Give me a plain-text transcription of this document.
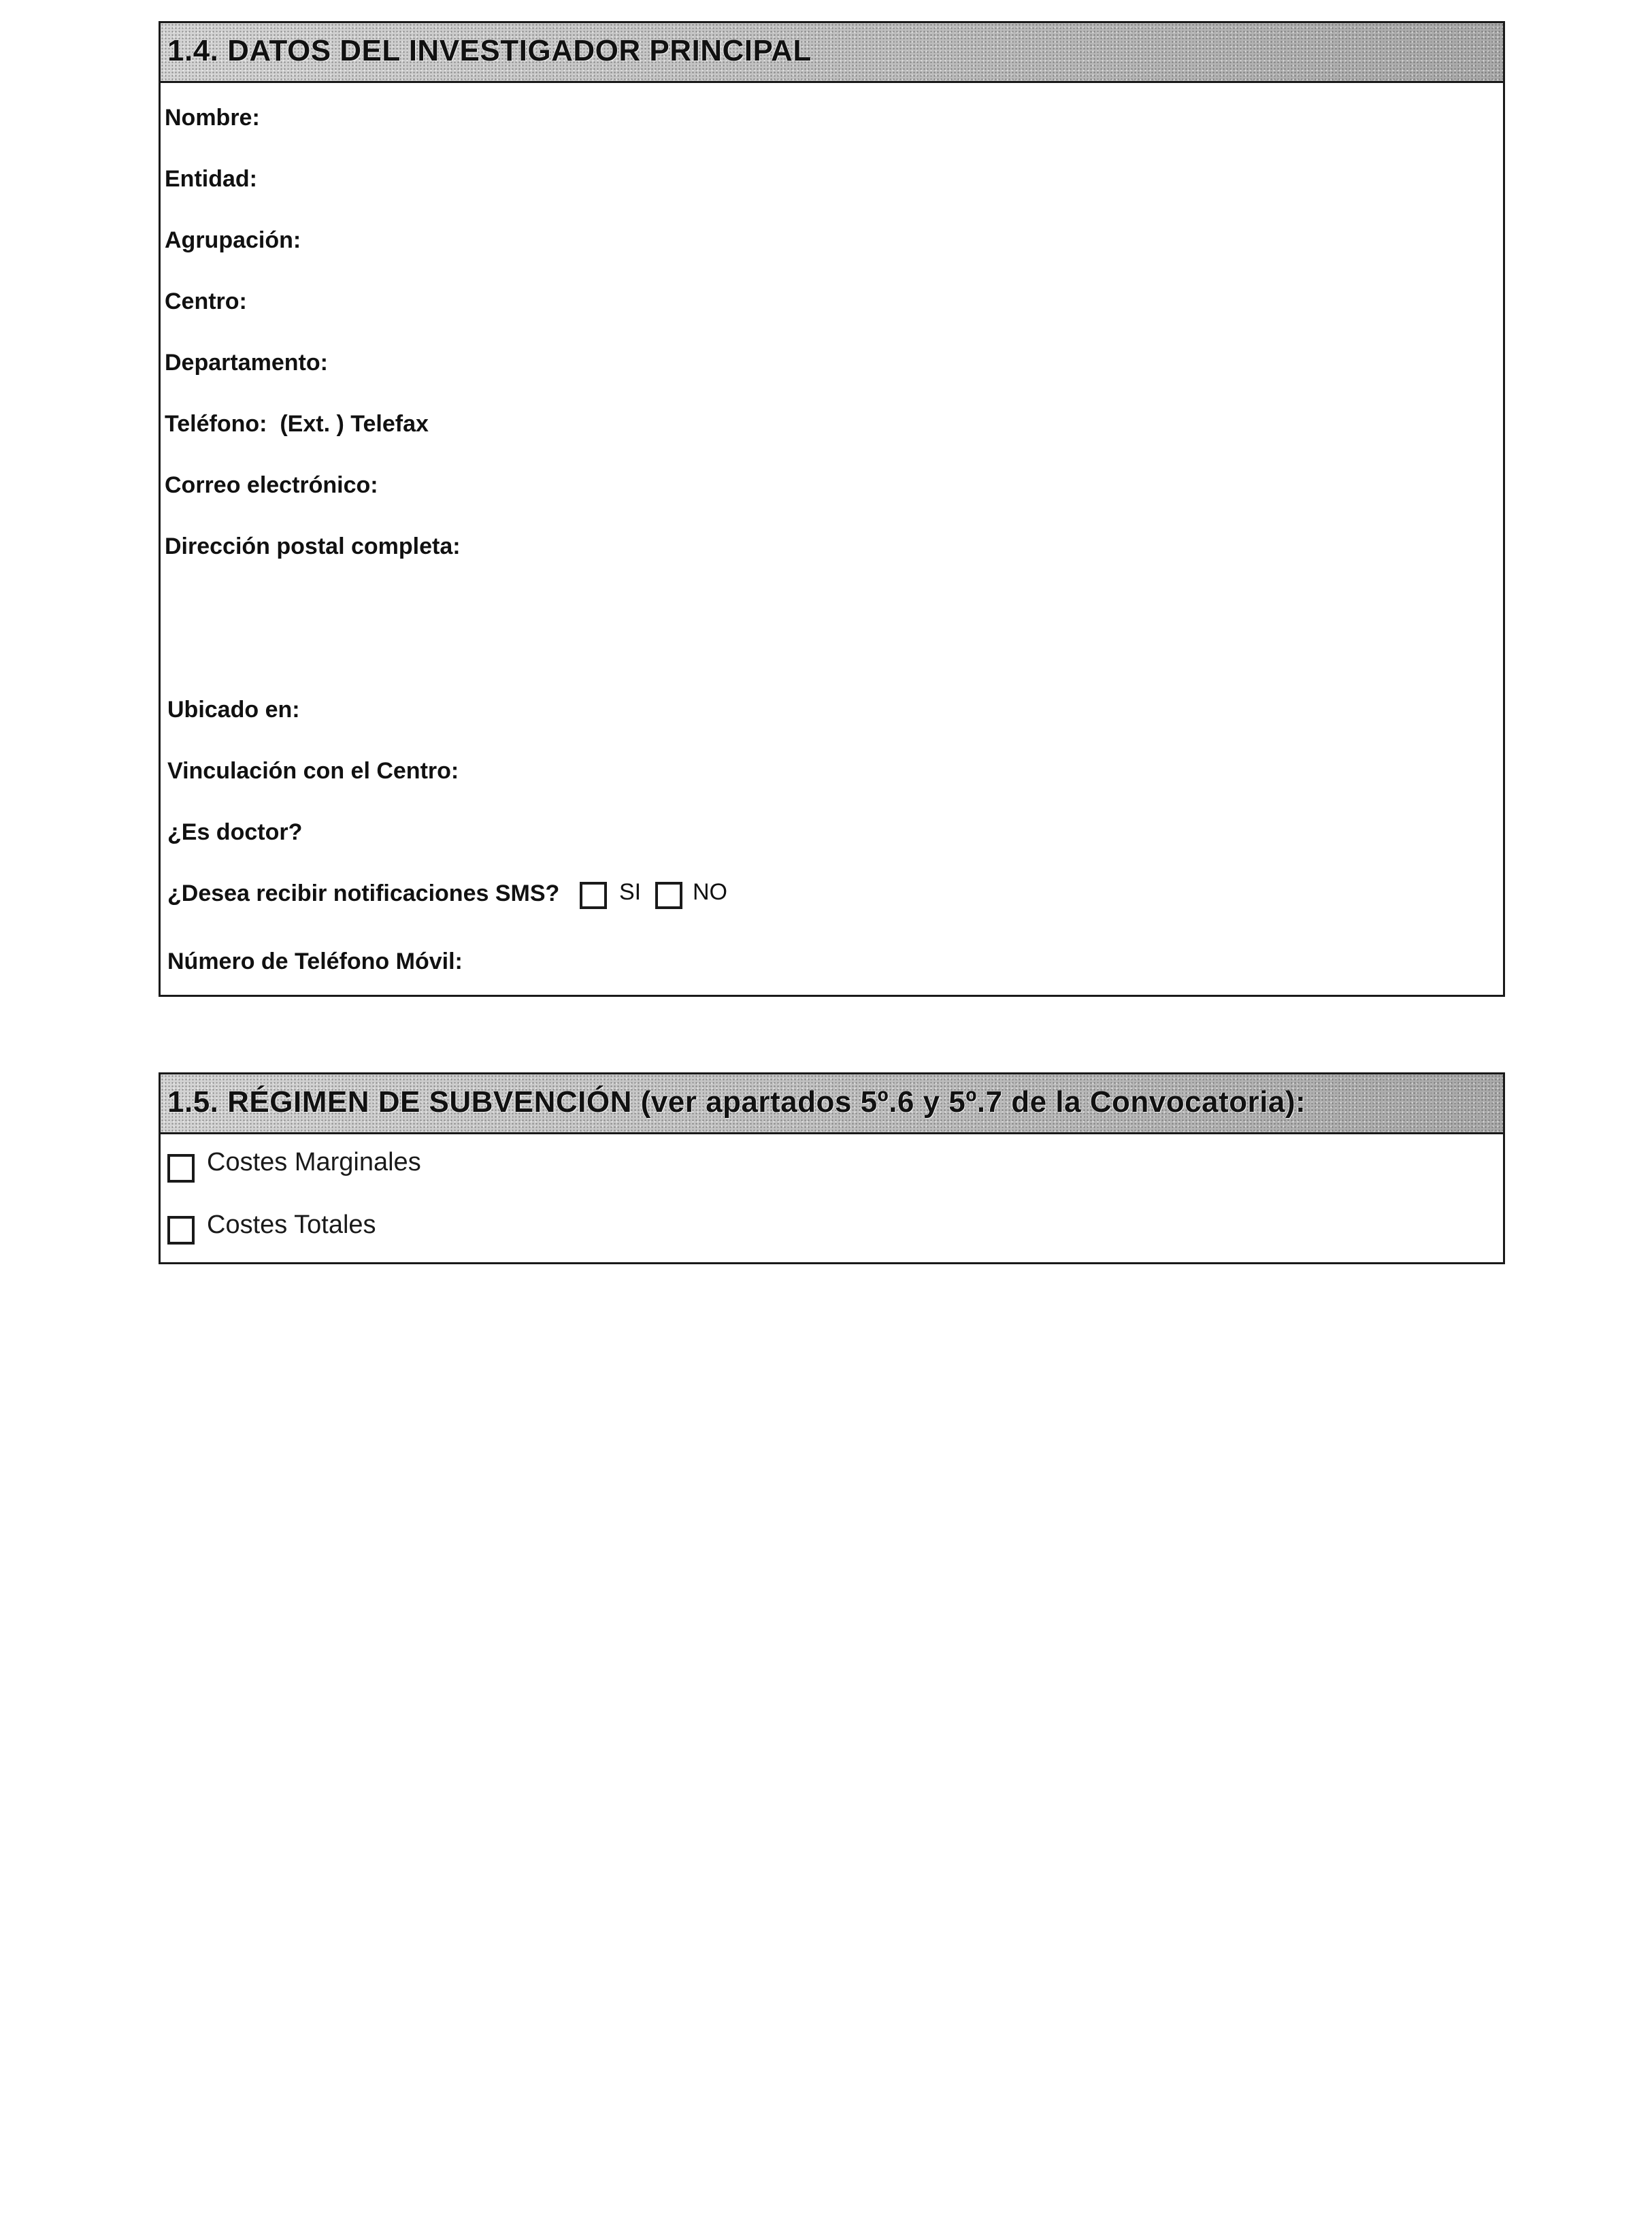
1.4. DATOS DEL INVESTIGADOR PRINCIPAL
Nombre:
Entidad:
Agrupación:
Centro:
Departamento:
Teléfono:  (Ext. ) Telefax
Correo electrónico:
Dirección postal completa:
Ubicado en:
Vinculación con el Centro:
¿Es doctor?
¿Desea recibir notificaciones SMS?	SI NO
Número de Teléfono Móvil:
1.5. RÉGIMEN DE SUBVENCIÓN (ver apartados 5º.6 y 5º.7 de la Convocatoria):
Costes Marginales
Costes Totales
